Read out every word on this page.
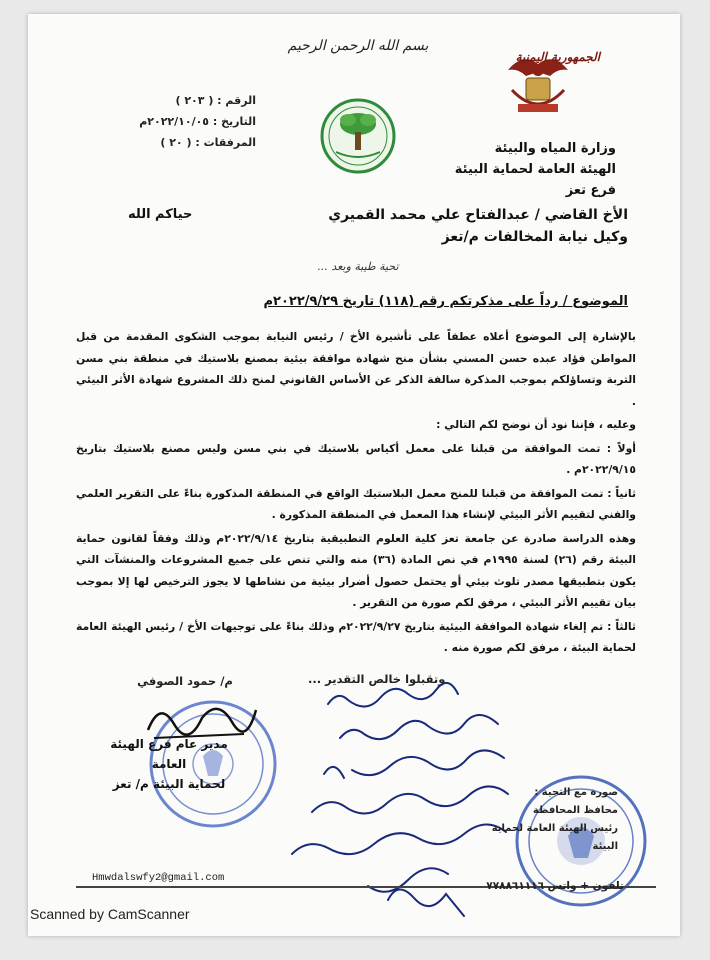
بسم الله الرحمن الرحيم
الجمهورية اليمنية
وزارة المياه والبيئة
الهيئة العامة لحماية البيئة
فرع تعز
الرقم : ( ٢٠٣ )
التاريخ : ٢٠٢٢/١٠/٠٥م
المرفقات : ( ٢٠ )
الأخ القاضي / عبدالفتاح علي محمد القميري
وكيل نيابة المخالفات م/تعز
حياكم الله
تحية طيبة وبعد ...
الموضوع / رداً على مذكرتكم رقم (١١٨) تاريخ ٢٠٢٢/٩/٢٩م

بالإشارة إلى الموضوع أعلاه عطفاً على تأشيرة الأخ / رئيس النيابة بموجب الشكوى المقدمة من قبل المواطن فؤاد عبده حسن المسني بشأن منح شهادة موافقة بيئية بمصنع بلاستيك في منطقة بني مسن التربة وتساؤلكم بموجب المذكرة سالفة الذكر عن الأساس القانوني لمنح ذلك المشروع شهادة الأثر البيئي .

وعليه ، فإننا نود أن نوضح لكم التالي :

أولاً : تمت الموافقة من قبلنا على معمل أكياس بلاستيك في بني مسن وليس مصنع بلاستيك بتاريخ ٢٠٢٢/٩/١٥م .

ثانياً : تمت الموافقة من قبلنا للمنح معمل البلاستيك الواقع في المنطقة المذكورة بناءً على التقرير العلمي والفني لتقييم الأثر البيئي لإنشاء هذا المعمل في المنطقة المذكورة .

وهذه الدراسة صادرة عن جامعة تعز كلية العلوم التطبيقية بتاريخ ٢٠٢٢/٩/١٤م وذلك وفقاً لقانون حماية البيئة رقم (٢٦) لسنة ١٩٩٥م في نص المادة (٣٦) منه والتي تنص على جميع المشروعات والمنشآت التي يكون بتطبيقها مصدر تلوث بيئي أو يحتمل حصول أضرار بيئية من نشاطها لا يجوز الترخيص لها إلا بموجب بيان تقييم الأثر البيئي ، مرفق لكم صورة من التقرير .

ثالثاً : تم إلغاء شهادة الموافقة البيئية بتاريخ ٢٠٢٢/٩/٢٧م وذلك بناءً على توجيهات الأخ / رئيس الهيئة العامة لحماية البيئة ، مرفق لكم صورة منه .

وتقبلوا خالص التقدير ...
م/ حمود الصوفي
مدير عام فرع الهيئة العامة
لحماية البيئة م/ تعز
صورة مع التحية :
محافظ المحافظة
رئيس الهيئة العامة لحماية البيئة
Hmwdalswfy2@gmail.com
تلفون + واتس ٧٧٨٨٦١١١٦
Scanned by CamScanner
